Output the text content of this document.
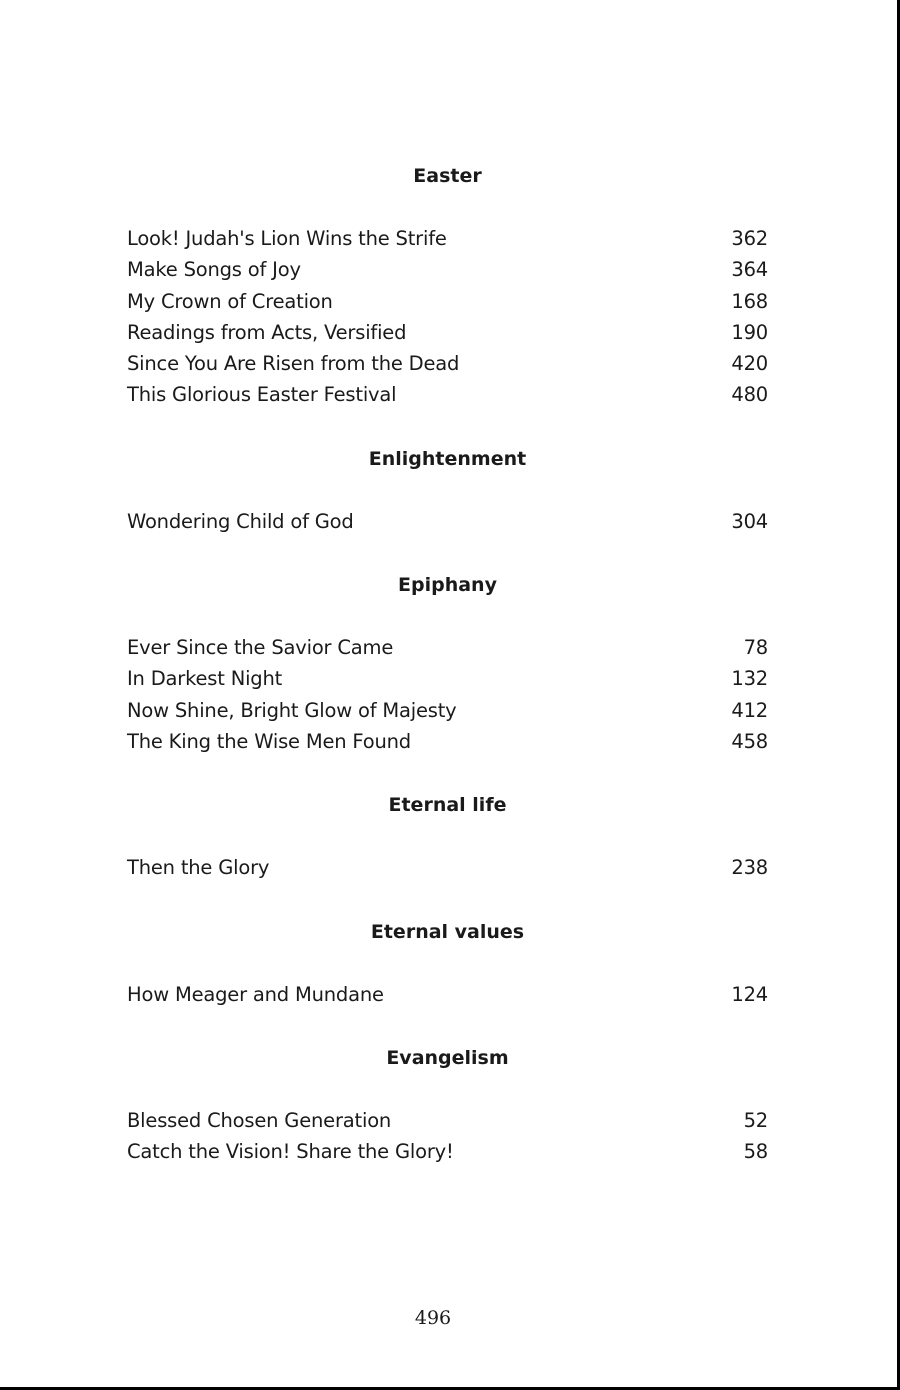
Easter
Look! Judah's Lion Wins the Strife	362
Make Songs of Joy	364
My Crown of Creation	168
Readings from Acts, Versified	190
Since You Are Risen from the Dead	420
This Glorious Easter Festival	480
Enlightenment
Wondering Child of God	304
Epiphany
Ever Since the Savior Came	78
In Darkest Night	132
Now Shine, Bright Glow of Majesty	412
The King the Wise Men Found	458
Eternal life
Then the Glory	238
Eternal values
How Meager and Mundane	124
Evangelism
Blessed Chosen Generation	52
Catch the Vision! Share the Glory!	58
496
